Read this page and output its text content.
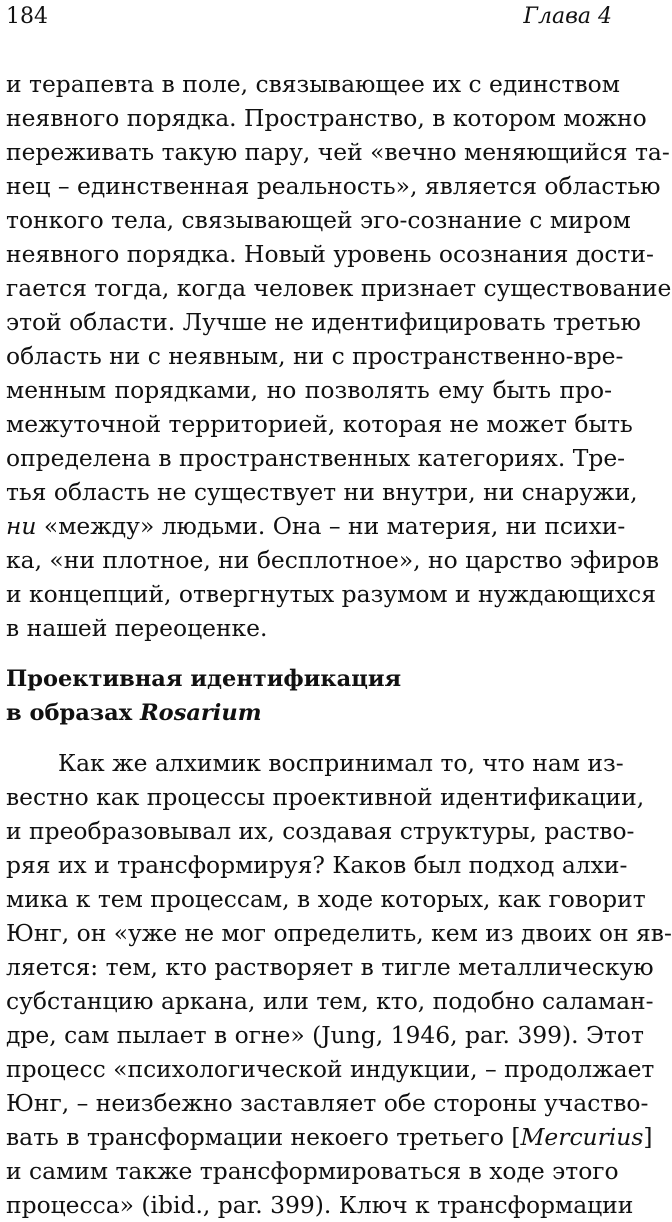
184	Глава 4
и терапевта в поле, связывающее их с единством
неявного порядка. Пространство, в котором можно
переживать такую пару, чей «вечно меняющийся та-
нец – единственная реальность», является областью
тонкого тела, связывающей эго-сознание с миром
неявного порядка. Новый уровень осознания дости-
гается тогда, когда человек признает существование
этой области. Лучше не идентифицировать третью
область ни с неявным, ни с пространственно-вре-
менным порядками, но позволять ему быть про-
межуточной территорией, которая не может быть
определена в пространственных категориях. Тре-
тья область не существует ни внутри, ни снаружи,
ни «между» людьми. Она – ни материя, ни психи-
ка, «ни плотное, ни бесплотное», но царство эфиров
и концепций, отвергнутых разумом и нуждающихся
в нашей переоценке.
Проективная идентификация
в образах Rosarium
Как же алхимик воспринимал то, что нам из-
вестно как процессы проективной идентификации,
и преобразовывал их, создавая структуры, раство-
ряя их и трансформируя? Каков был подход алхи-
мика к тем процессам, в ходе которых, как говорит
Юнг, он «уже не мог определить, кем из двоих он яв-
ляется: тем, кто растворяет в тигле металлическую
субстанцию аркана, или тем, кто, подобно саламан-
дре, сам пылает в огне» (Jung, 1946, par. 399). Этот
процесс «психологической индукции, – продолжает
Юнг, – неизбежно заставляет обе стороны участво-
вать в трансформации некоего третьего [Mercurius]
и самим также трансформироваться в ходе этого
процесса» (ibid., par. 399). Ключ к трансформации
